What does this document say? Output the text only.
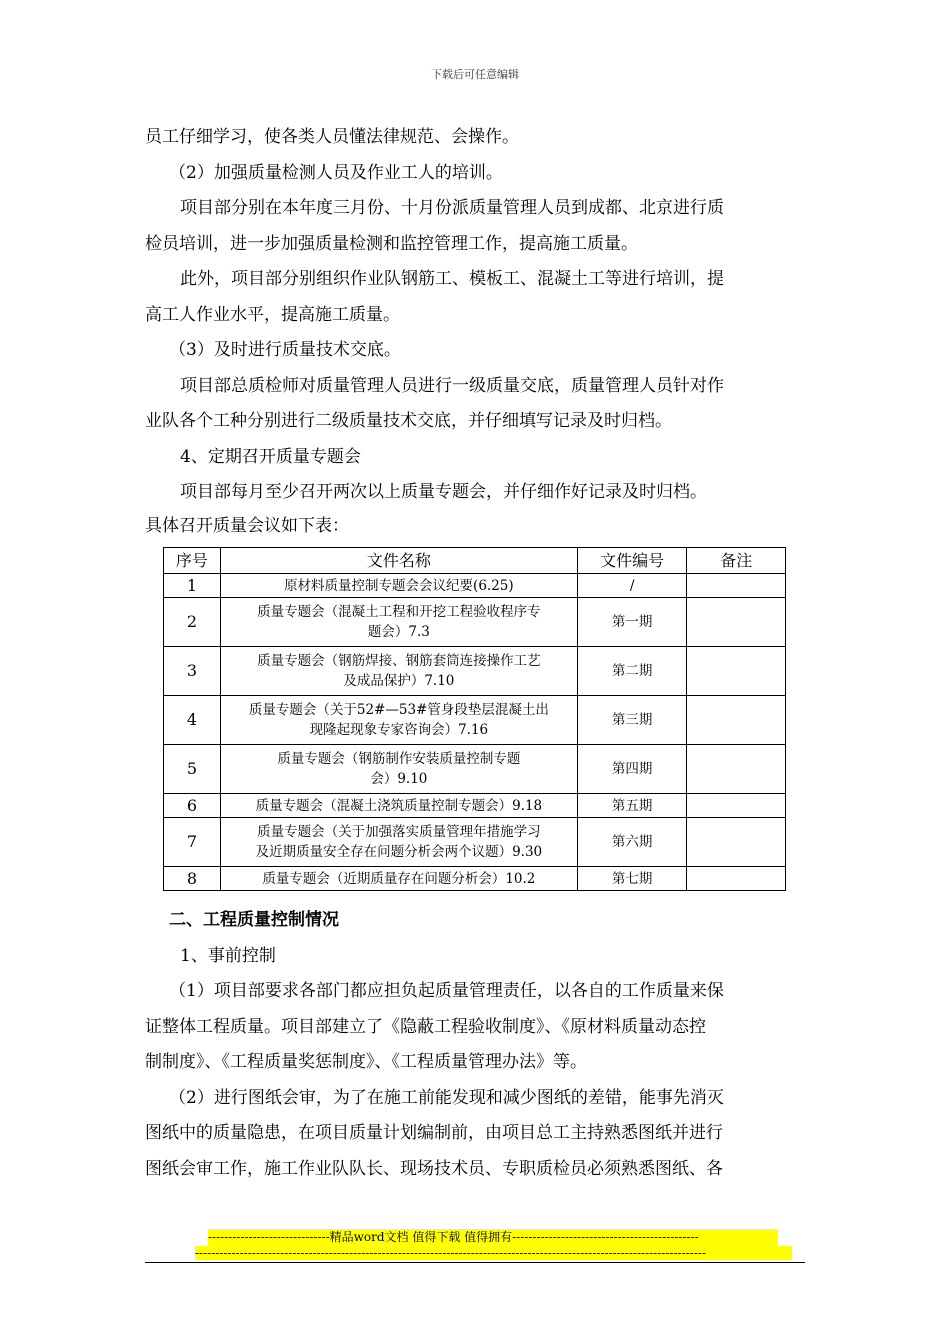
下载后可任意编辑

员工仔细学习，使各类人员懂法律规范、会操作。

（2）加强质量检测人员及作业工人的培训。

项目部分别在本年度三月份、十月份派质量管理人员到成都、北京进行质

检员培训，进一步加强质量检测和监控管理工作，提高施工质量。

此外，项目部分别组织作业队钢筋工、模板工、混凝土工等进行培训，提

高工人作业水平，提高施工质量。

（3）及时进行质量技术交底。

项目部总质检师对质量管理人员进行一级质量交底，质量管理人员针对作

业队各个工种分别进行二级质量技术交底，并仔细填写记录及时归档。

4、定期召开质量专题会

项目部每月至少召开两次以上质量专题会，并仔细作好记录及时归档。

具体召开质量会议如下表：

序号	文件名称	文件编号	备注
1	原材料质量控制专题会会议纪要(6.25)	/	
2	质量专题会（混凝土工程和开挖工程验收程序专
题会）7.3	第一期	
3	质量专题会（钢筋焊接、钢筋套筒连接操作工艺
及成品保护）7.10	第二期	
4	质量专题会（关于52#—53#管身段垫层混凝土出
现隆起现象专家咨询会）7.16	第三期	
5	质量专题会（钢筋制作安装质量控制专题
会）9.10	第四期	
6	质量专题会（混凝土浇筑质量控制专题会）9.18	第五期	
7	质量专题会（关于加强落实质量管理年措施学习
及近期质量安全存在问题分析会两个议题）9.30	第六期	
8	质量专题会（近期质量存在问题分析会）10.2	第七期	

二、工程质量控制情况

1、事前控制

（1）项目部要求各部门都应担负起质量管理责任，以各自的工作质量来保

证整体工程质量。项目部建立了《隐蔽工程验收制度》、《原材料质量动态控

制制度》、《工程质量奖惩制度》、《工程质量管理办法》等。

（2）进行图纸会审，为了在施工前能发现和减少图纸的差错，能事先消灭

图纸中的质量隐患，在项目质量计划编制前，由项目总工主持熟悉图纸并进行

图纸会审工作，施工作业队队长、现场技术员、专职质检员必须熟悉图纸、各

------------------------------精品word文档 值得下载 值得拥有----------------------------------------------
------------------------------------------------------------------------------------------------------------------------------
